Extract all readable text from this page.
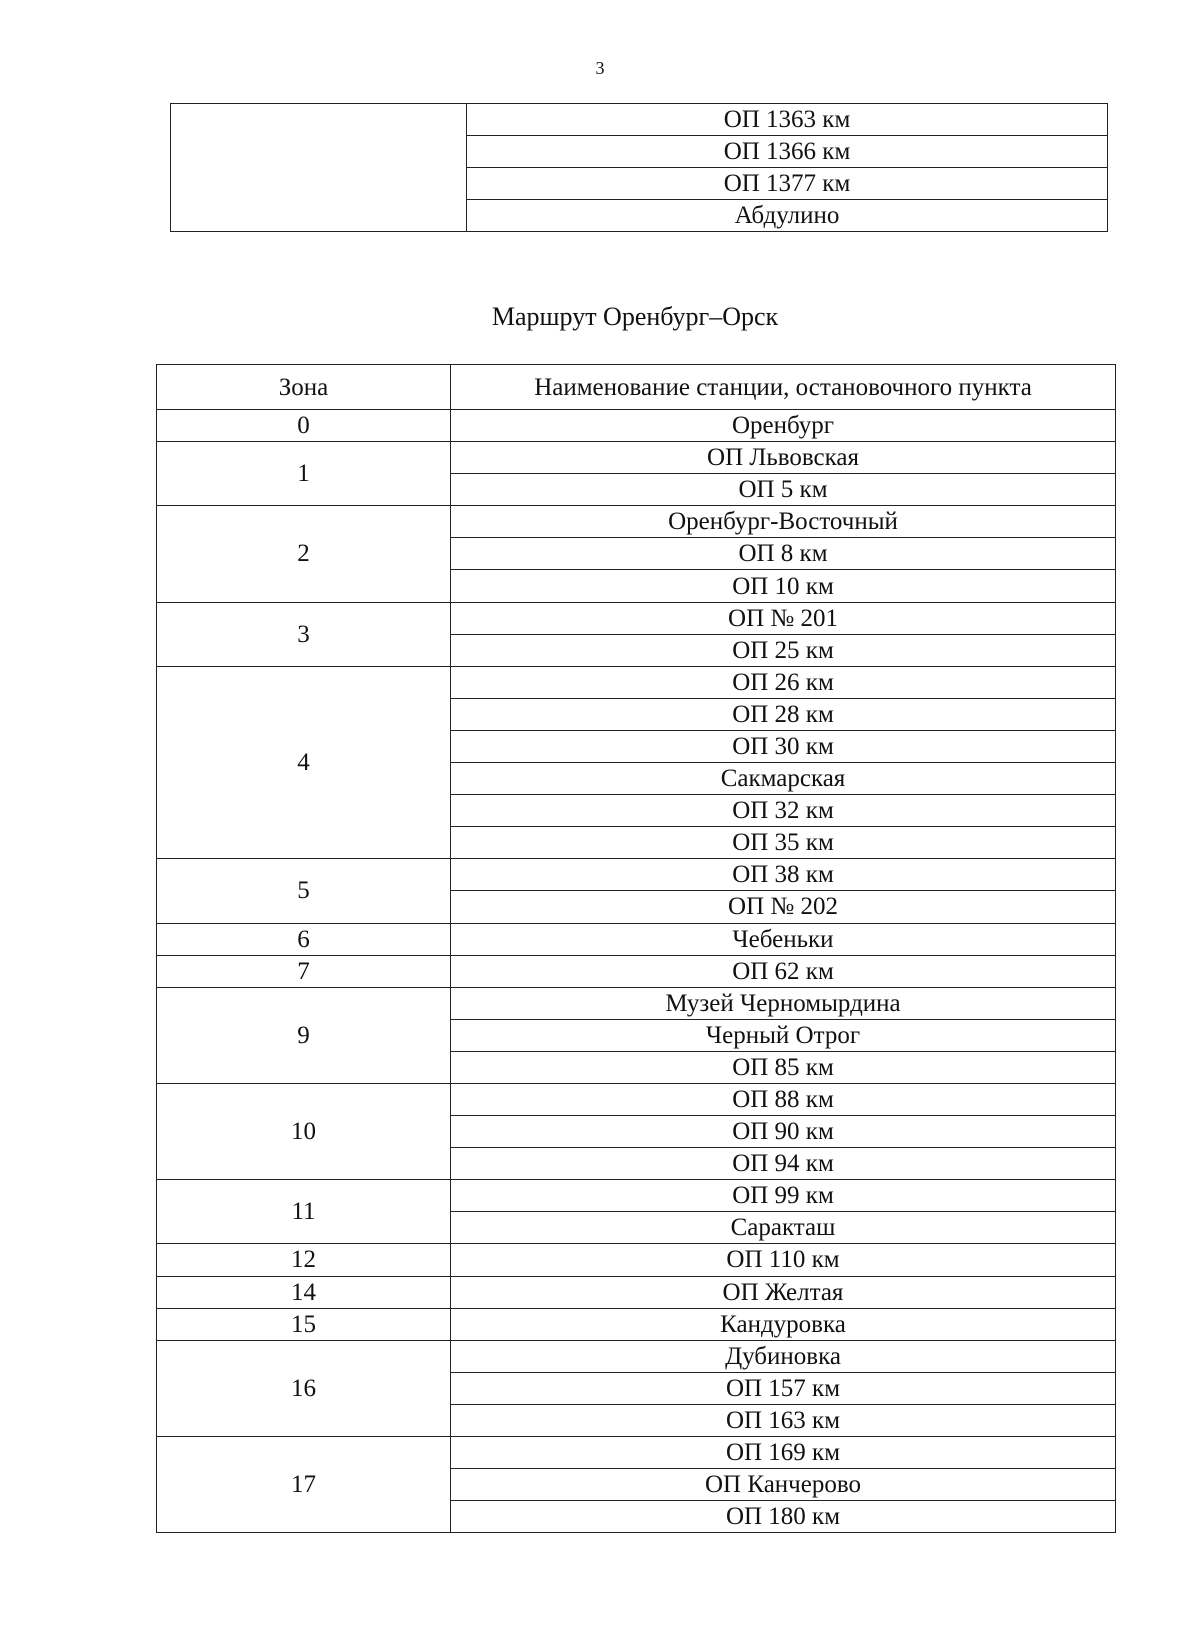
3
	ОП 1363 км
ОП 1366 км
ОП 1377 км
Абдулино
Маршрут Оренбург–Орск
Зона	Наименование станции, остановочного пункта
0	Оренбург
1	ОП Львовская
	ОП 5 км
2	Оренбург-Восточный
	ОП 8 км
	ОП 10 км
3	ОП № 201
	ОП 25 км
4	ОП 26 км
	ОП 28 км
	ОП 30 км
	Сакмарская
	ОП 32 км
	ОП 35 км
5	ОП 38 км
	ОП № 202
6	Чебеньки
7	ОП 62 км
9	Музей Черномырдина
	Черный Отрог
	ОП 85 км
10	ОП 88 км
	ОП 90 км
	ОП 94 км
11	ОП 99 км
	Саракташ
12	ОП 110 км
14	ОП Желтая
15	Кандуровка
16	Дубиновка
	ОП 157 км
	ОП 163 км
17	ОП 169 км
	ОП Канчерово
	ОП 180 км
